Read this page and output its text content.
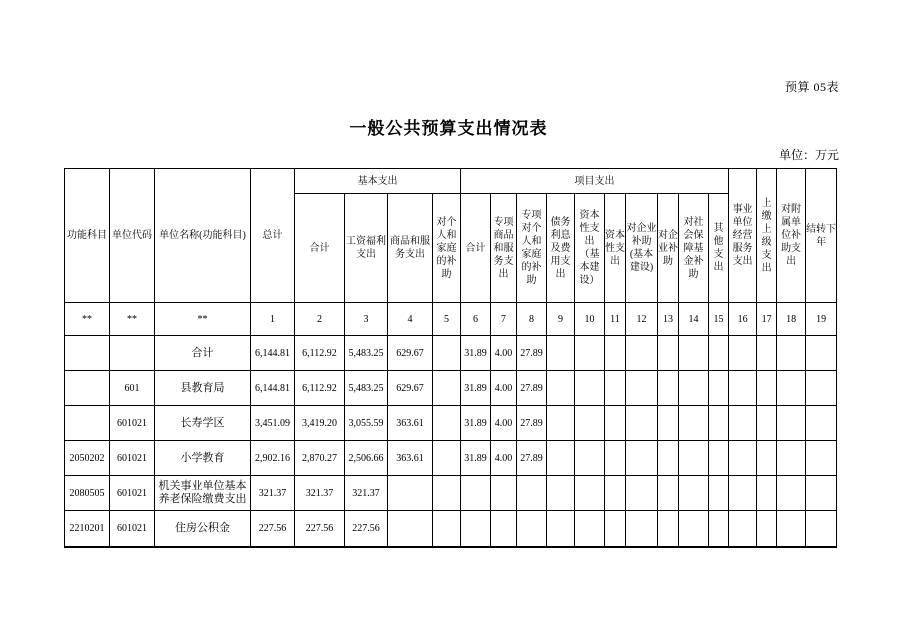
预算 05表
一般公共预算支出情况表
单位：万元
功能科目	单位代码	单位名称(功能科目)	总计	基本支出				项目支出										事业单位经营服务支出	上缴上级支出	对附属单位补助支出	结转下年
				合计	工资福利支出	商品和服务支出	对个人和家庭的补助	合计	专项商品和服务支出	专项对个人和家庭的补助	债务利息及费用支出	资本性支出（基本建设）	资本性支出	对企业补助(基本建设)	对企业补助	对社会保障基金补助	其他支出				
**	**	**	1	2	3	4	5	6	7	8	9	10	11	12	13	14	15	16	17	18	19
		合计	6,144.81	6,112.92	5,483.25	629.67		31.89	4.00	27.89											
	601	县教育局	6,144.81	6,112.92	5,483.25	629.67		31.89	4.00	27.89											
	601021	长寿学区	3,451.09	3,419.20	3,055.59	363.61		31.89	4.00	27.89											
2050202	601021	小学教育	2,902.16	2,870.27	2,506.66	363.61		31.89	4.00	27.89											
2080505	601021	机关事业单位基本养老保险缴费支出	321.37	321.37	321.37																
2210201	601021	住房公积金	227.56	227.56	227.56																
